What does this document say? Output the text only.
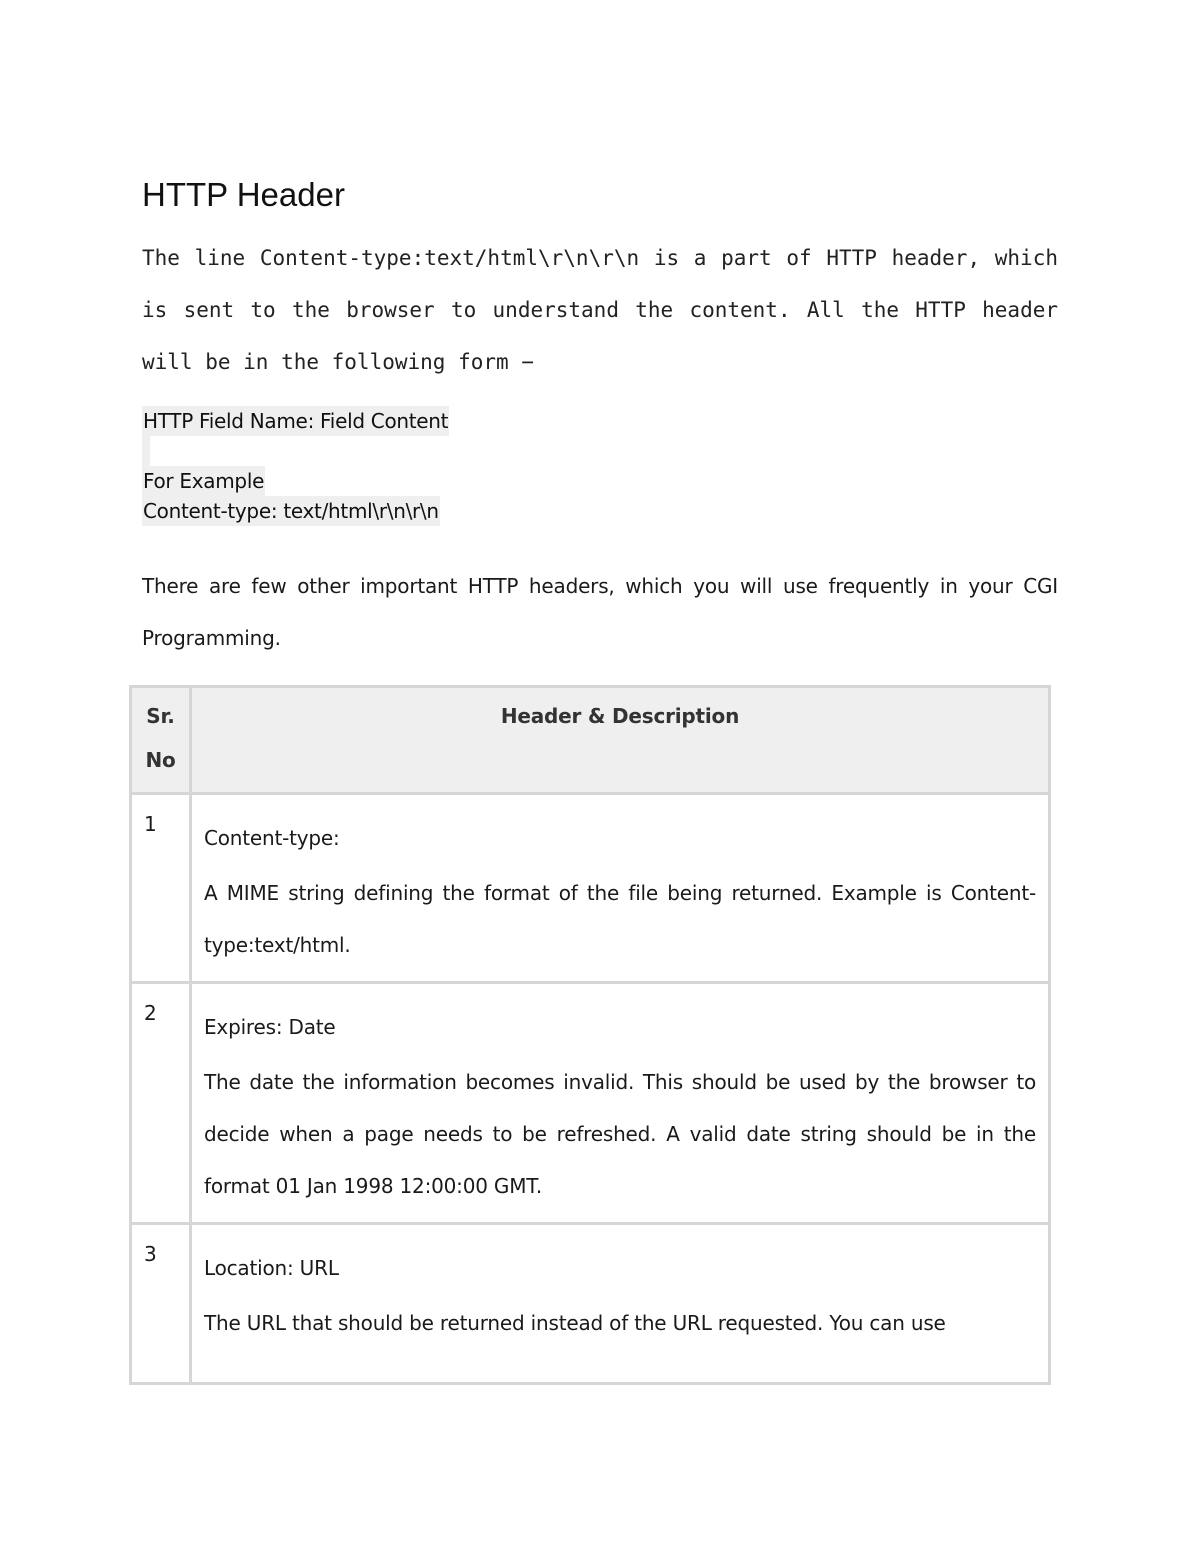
HTTP Header

The line Content-type:text/html\r\n\r\n is a part of HTTP header, which is sent to the browser to understand the content. All the HTTP header will be in the following form −

HTTP Field Name: Field Content
For Example
Content-type: text/html\r\n\r\n

There are few other important HTTP headers, which you will use frequently in your CGI Programming.

Sr. No	Header & Description
1	Content-type:

A MIME string defining the format of the file being returned. Example is Content-type:text/html.

2	Expires: Date

The date the information becomes invalid. This should be used by the browser to decide when a page needs to be refreshed. A valid date string should be in the format 01 Jan 1998 12:00:00 GMT.

3	Location: URL

The URL that should be returned instead of the URL requested. You can use
